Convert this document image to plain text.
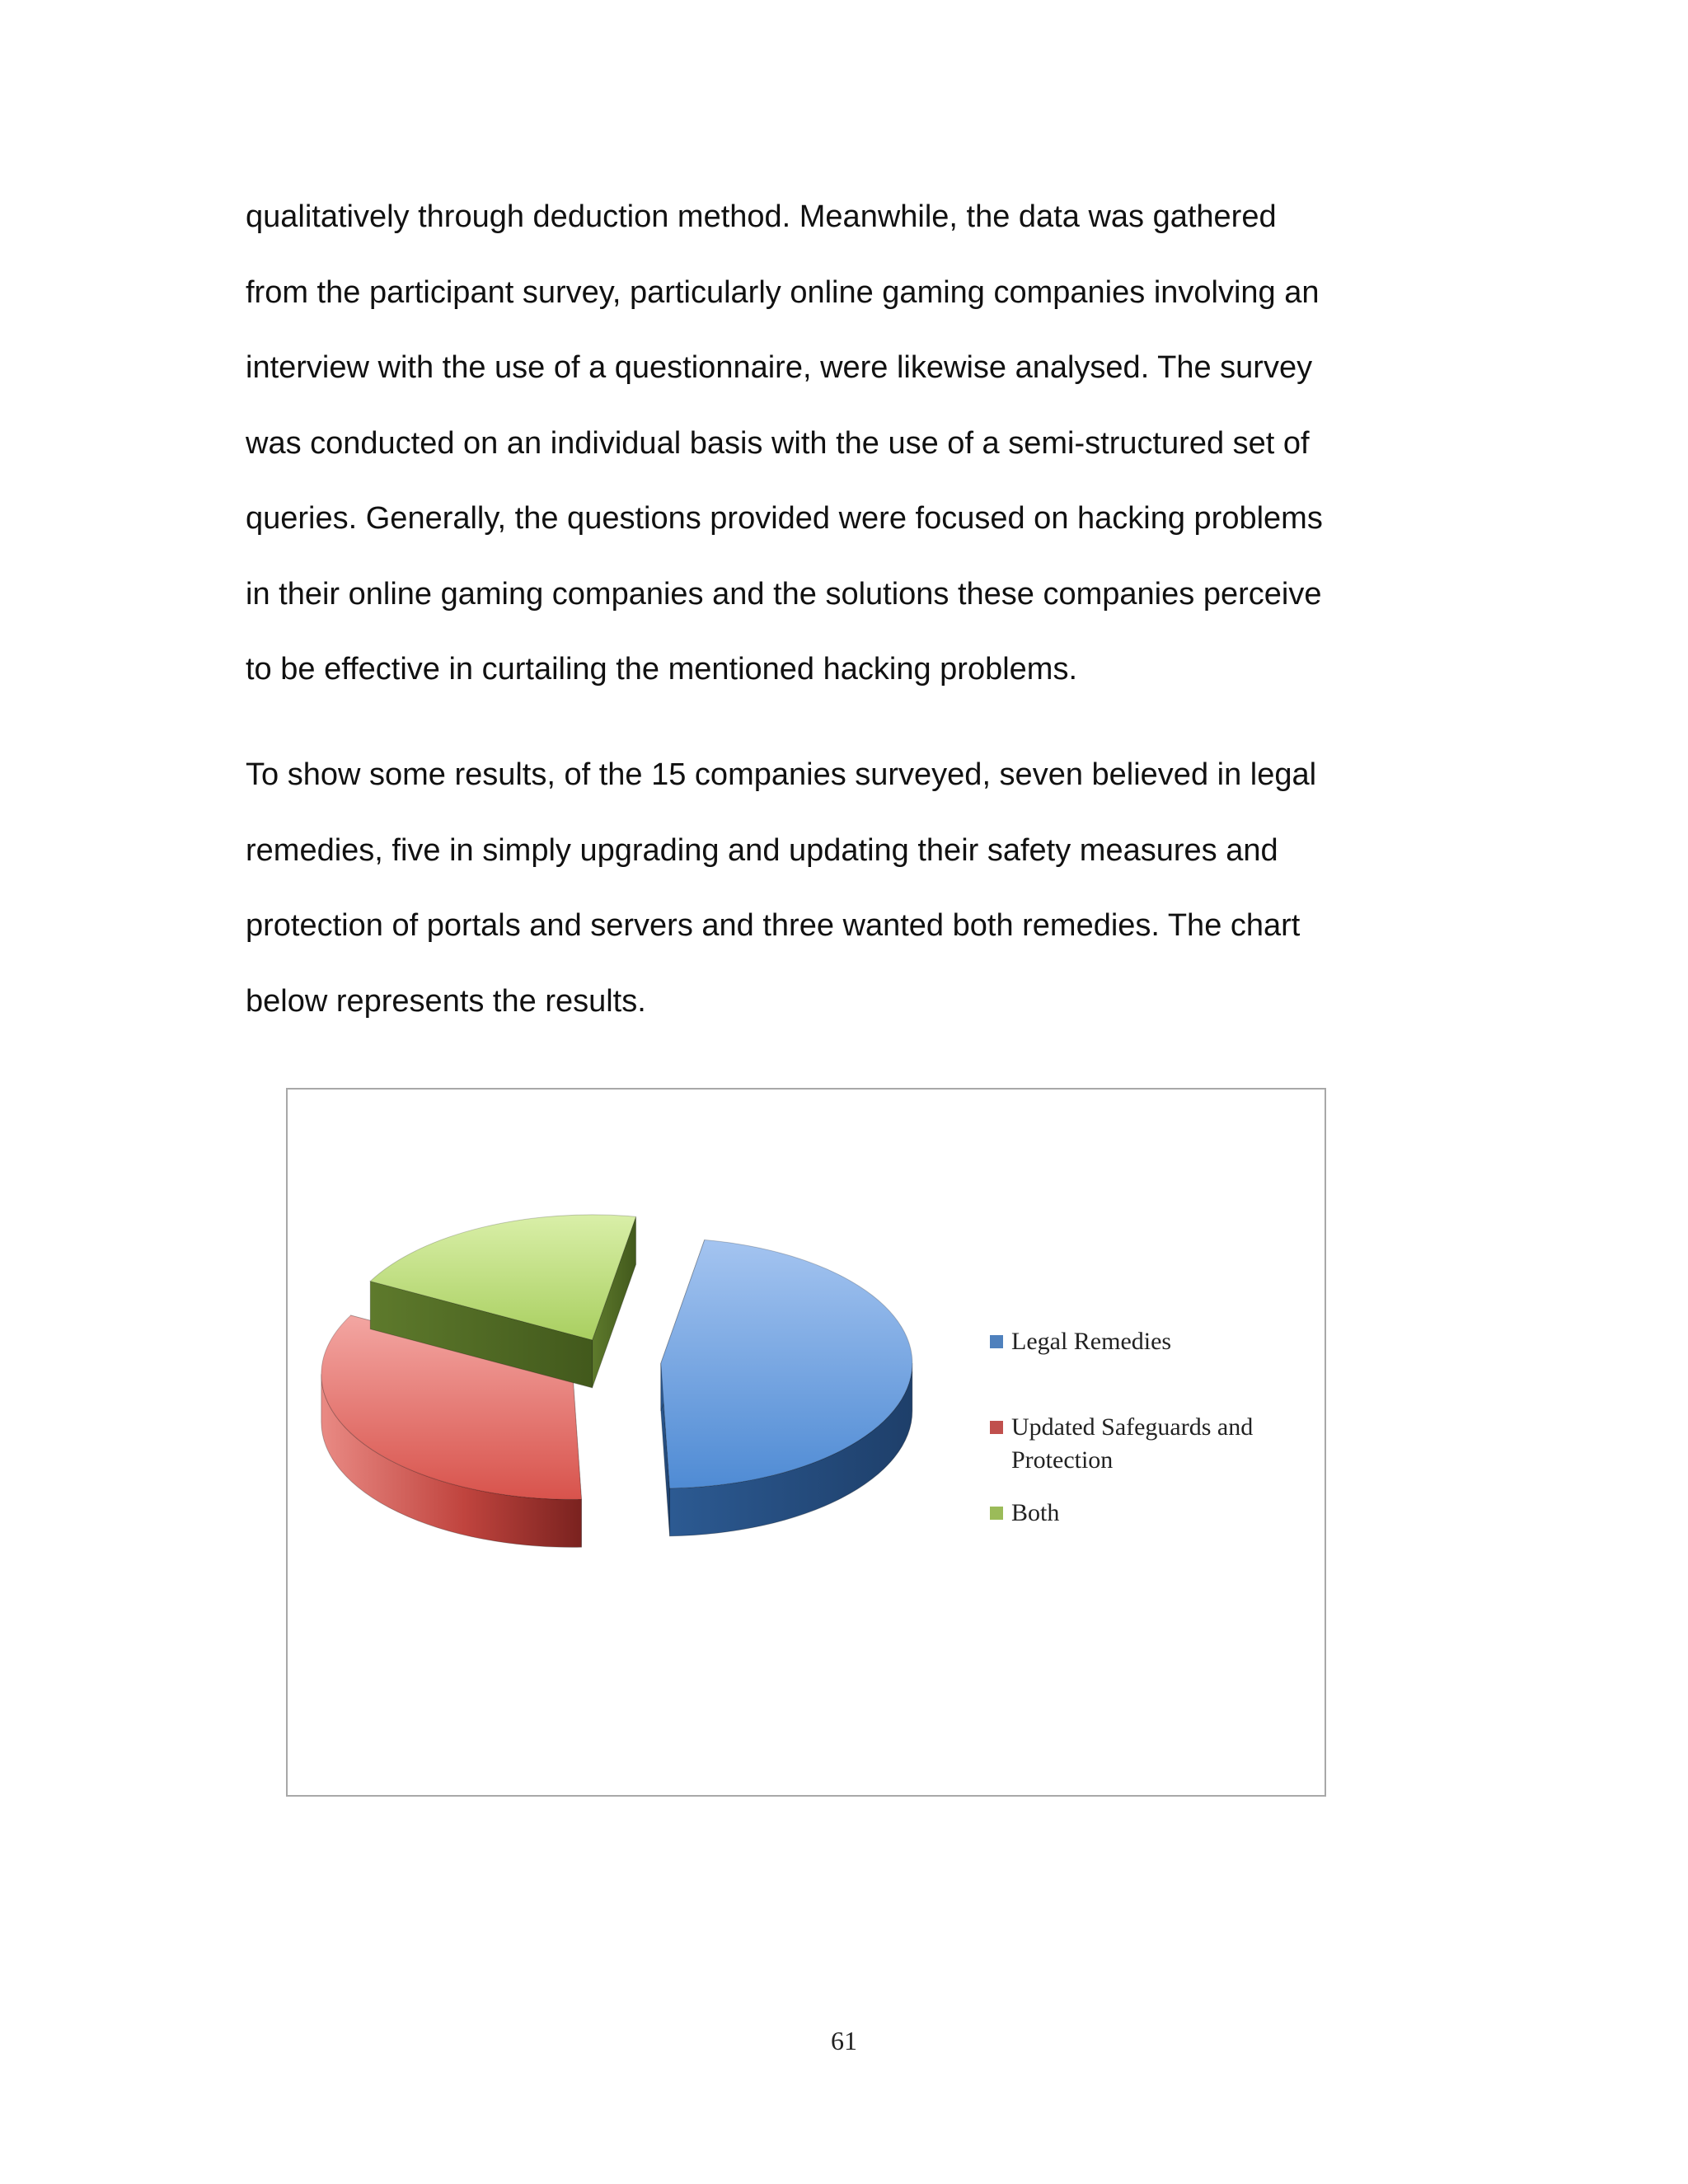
qualitatively through deduction method. Meanwhile, the data was gathered
from the participant survey, particularly online gaming companies involving an
interview with the use of a questionnaire, were likewise analysed. The survey
was conducted on an individual basis with the use of a semi-structured set of
queries. Generally, the questions provided were focused on hacking problems
in their online gaming companies and the solutions these companies perceive
to be effective in curtailing the mentioned hacking problems.

To show some results, of the 15 companies surveyed, seven believed in legal
remedies, five in simply upgrading and updating their safety measures and
protection of portals and servers and three wanted both remedies. The chart
below represents the results.

Legal Remedies
Updated Safeguards and Protection
Both
61
